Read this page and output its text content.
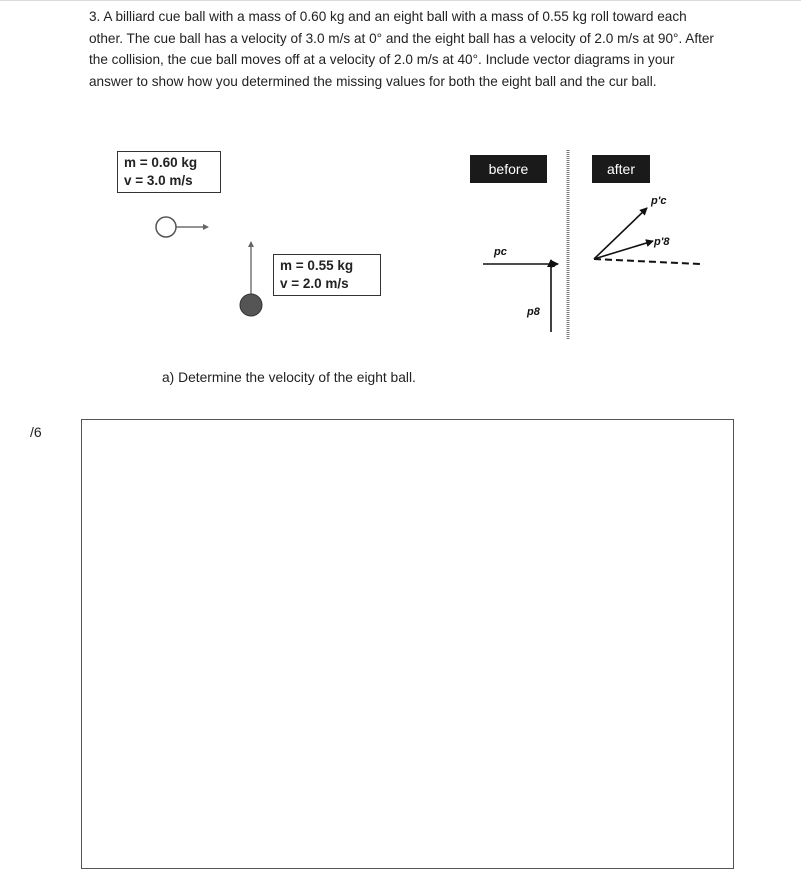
3. A billiard cue ball with a mass of 0.60 kg and an eight ball with a mass of 0.55 kg roll toward each other. The cue ball has a velocity of 3.0 m/s at 0° and the eight ball has a velocity of 2.0 m/s at 90°. After the collision, the cue ball moves off at a velocity of 2.0 m/s at 40°. Include vector diagrams in your answer to show how you determined the missing values for both the eight ball and the cur ball.
m = 0.60 kg
v = 3.0 m/s
m = 0.55 kg
v = 2.0 m/s
before	after
pc
p8
p'c
p'8
a) Determine the velocity of the eight ball.
/6
